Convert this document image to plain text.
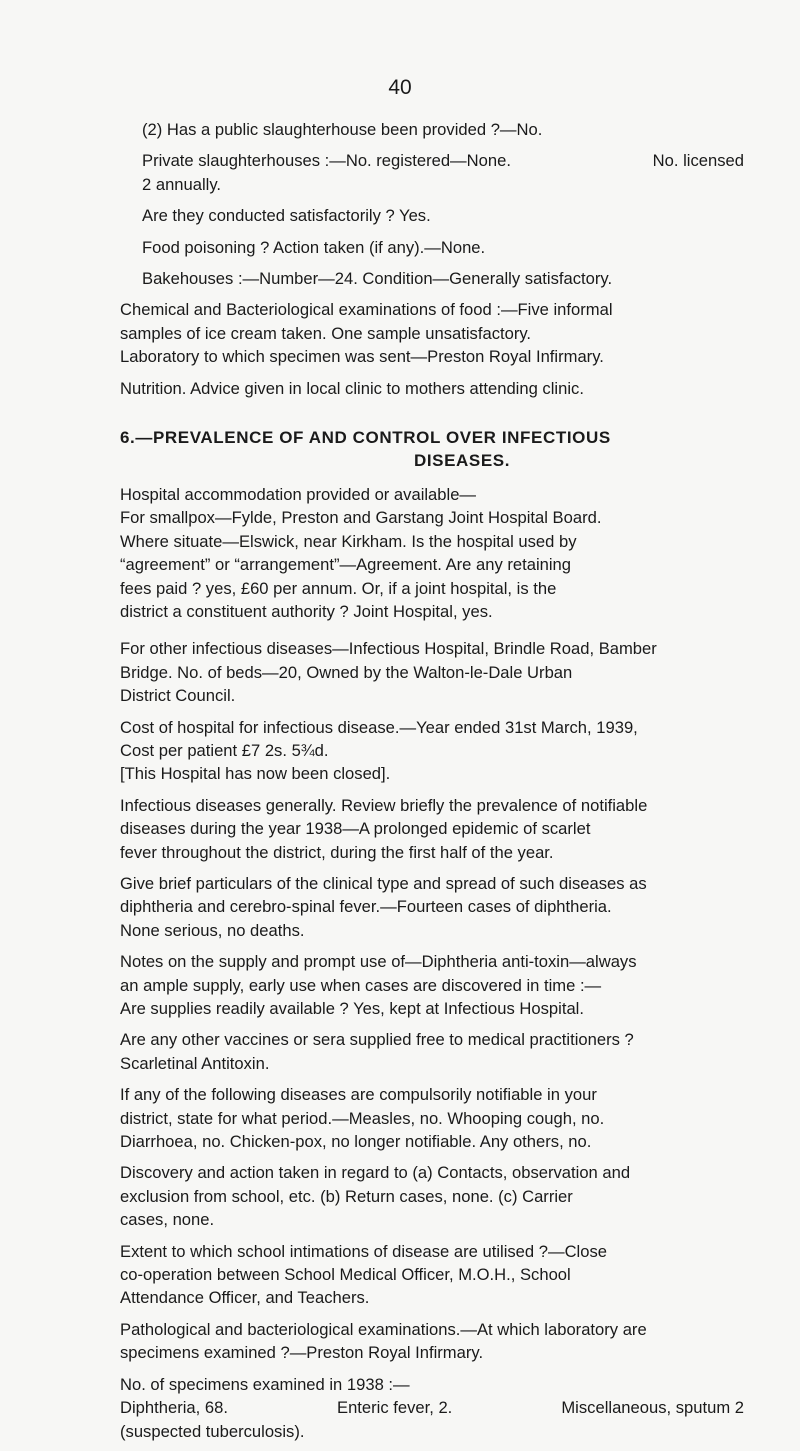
40
(2) Has a public slaughterhouse been provided ?—No.
Private slaughterhouses :—No. registered—None.	No. licensed
2 annually.
Are they conducted satisfactorily ? Yes.
Food poisoning ? Action taken (if any).—None.
Bakehouses :—Number—24. Condition—Generally satisfactory.
Chemical and Bacteriological examinations of food :—Five informal
samples of ice cream taken. One sample unsatisfactory.
Laboratory to which specimen was sent—Preston Royal Infirmary.
Nutrition. Advice given in local clinic to mothers attending clinic.
6.—PREVALENCE OF AND CONTROL OVER INFECTIOUS
DISEASES.
Hospital accommodation provided or available—
For smallpox—Fylde, Preston and Garstang Joint Hospital Board.
Where situate—Elswick, near Kirkham. Is the hospital used by
“agreement” or “arrangement”—Agreement. Are any retaining
fees paid ? yes, £60 per annum. Or, if a joint hospital, is the
district a constituent authority ? Joint Hospital, yes.
For other infectious diseases—Infectious Hospital, Brindle Road, Bamber
Bridge. No. of beds—20, Owned by the Walton-le-Dale Urban
District Council.
Cost of hospital for infectious disease.—Year ended 31st March, 1939,
Cost per patient £7 2s. 5¾d.
[This Hospital has now been closed].
Infectious diseases generally. Review briefly the prevalence of notifiable
diseases during the year 1938—A prolonged epidemic of scarlet
fever throughout the district, during the first half of the year.
Give brief particulars of the clinical type and spread of such diseases as
diphtheria and cerebro-spinal fever.—Fourteen cases of diphtheria.
None serious, no deaths.
Notes on the supply and prompt use of—Diphtheria anti-toxin—always
an ample supply, early use when cases are discovered in time :—
Are supplies readily available ? Yes, kept at Infectious Hospital.
Are any other vaccines or sera supplied free to medical practitioners ?
Scarletinal Antitoxin.
If any of the following diseases are compulsorily notifiable in your
district, state for what period.—Measles, no. Whooping cough, no.
Diarrhoea, no. Chicken-pox, no longer notifiable. Any others, no.
Discovery and action taken in regard to (a) Contacts, observation and
exclusion from school, etc. (b) Return cases, none. (c) Carrier
cases, none.
Extent to which school intimations of disease are utilised ?—Close
co-operation between School Medical Officer, M.O.H., School
Attendance Officer, and Teachers.
Pathological and bacteriological examinations.—At which laboratory are
specimens examined ?—Preston Royal Infirmary.
No. of specimens examined in 1938 :—
Diphtheria, 68.	Enteric fever, 2.	Miscellaneous, sputum 2
(suspected tuberculosis).
